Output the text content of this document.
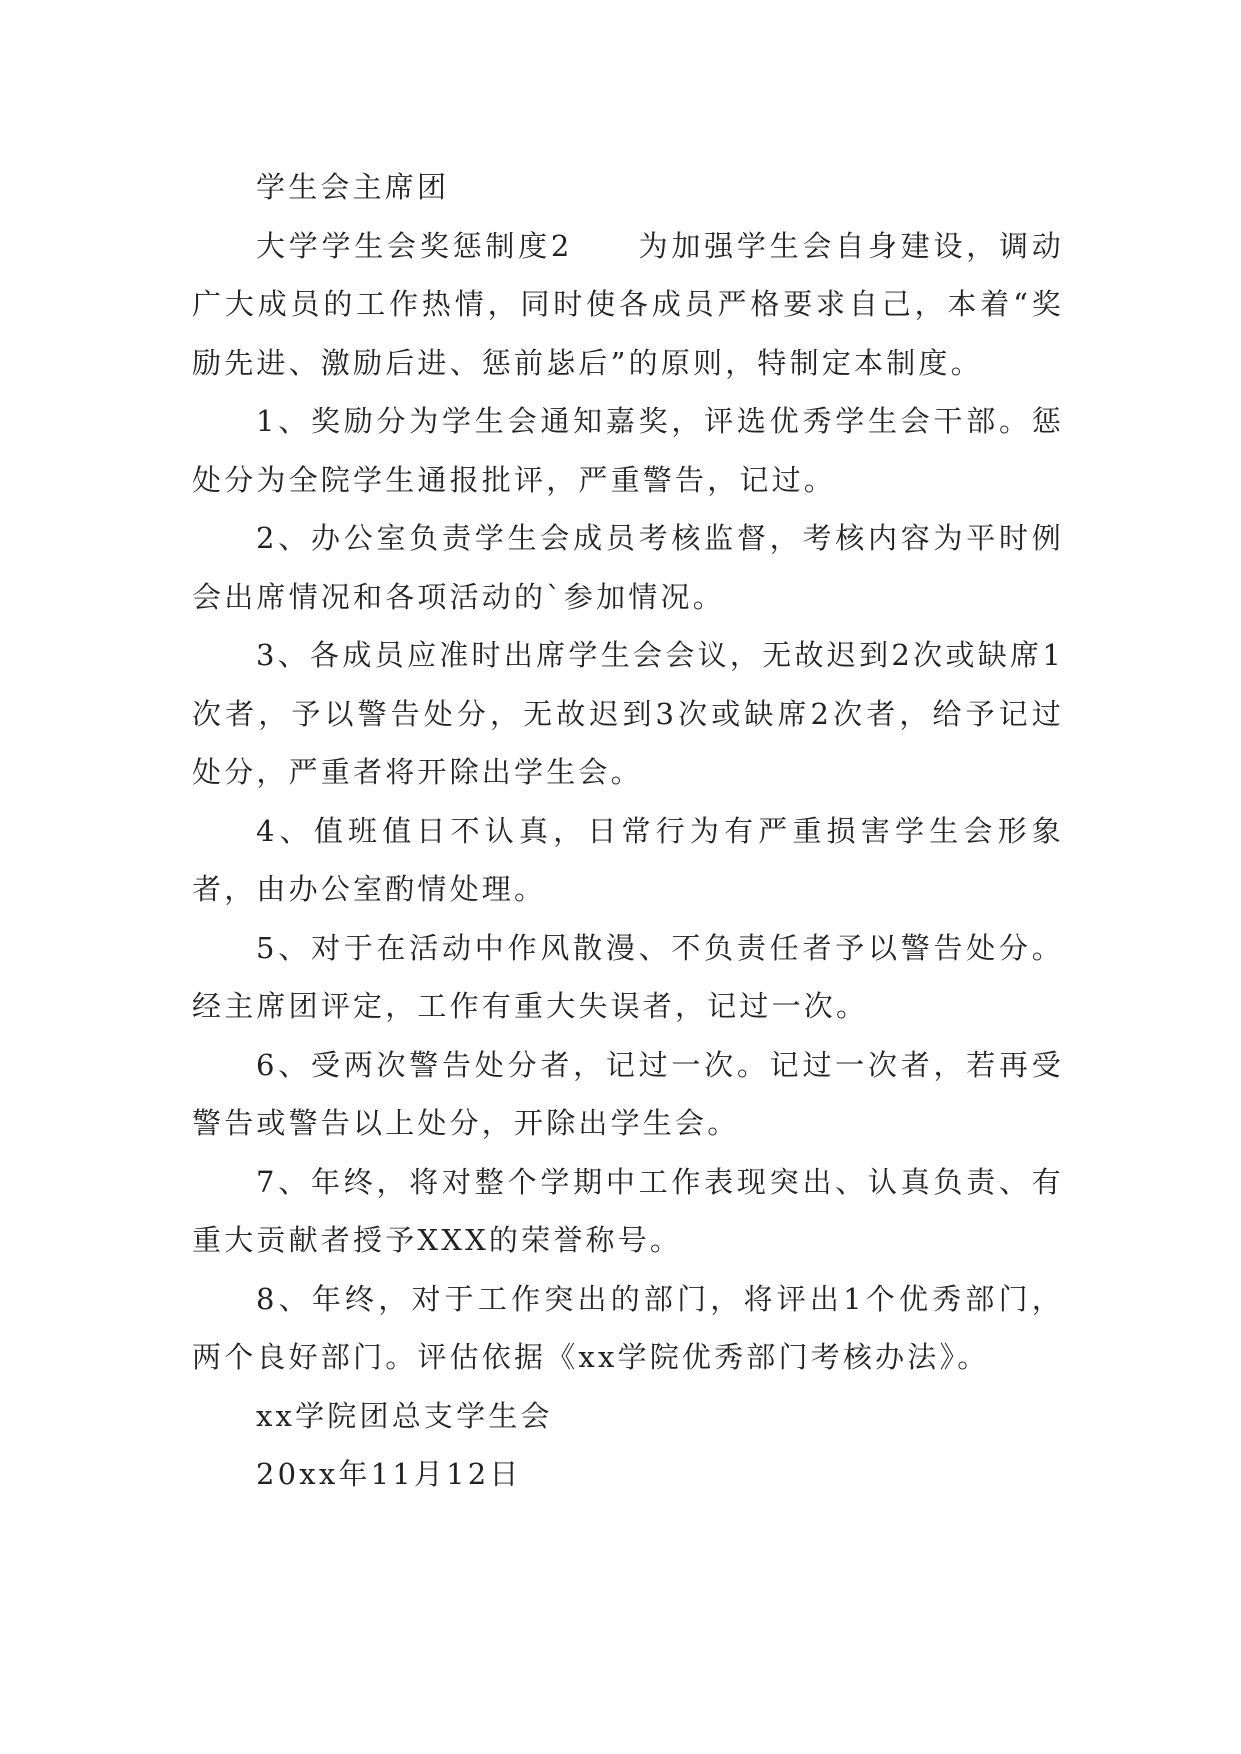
学生会主席团

大学学生会奖惩制度2　　为加强学生会自身建设，调动广大成员的工作热情，同时使各成员严格要求自己，本着“奖励先进、激励后进、惩前毖后”的原则，特制定本制度。

1、奖励分为学生会通知嘉奖，评选优秀学生会干部。惩处分为全院学生通报批评，严重警告，记过。

2、办公室负责学生会成员考核监督，考核内容为平时例会出席情况和各项活动的`参加情况。

3、各成员应准时出席学生会会议，无故迟到2次或缺席1次者，予以警告处分，无故迟到3次或缺席2次者，给予记过处分，严重者将开除出学生会。

4、值班值日不认真，日常行为有严重损害学生会形象者，由办公室酌情处理。

5、对于在活动中作风散漫、不负责任者予以警告处分。经主席团评定，工作有重大失误者，记过一次。

6、受两次警告处分者，记过一次。记过一次者，若再受警告或警告以上处分，开除出学生会。

7、年终，将对整个学期中工作表现突出、认真负责、有重大贡献者授予XXX的荣誉称号。

8、年终，对于工作突出的部门，将评出1个优秀部门，两个良好部门。评估依据《xx学院优秀部门考核办法》。

xx学院团总支学生会

20xx年11月12日
